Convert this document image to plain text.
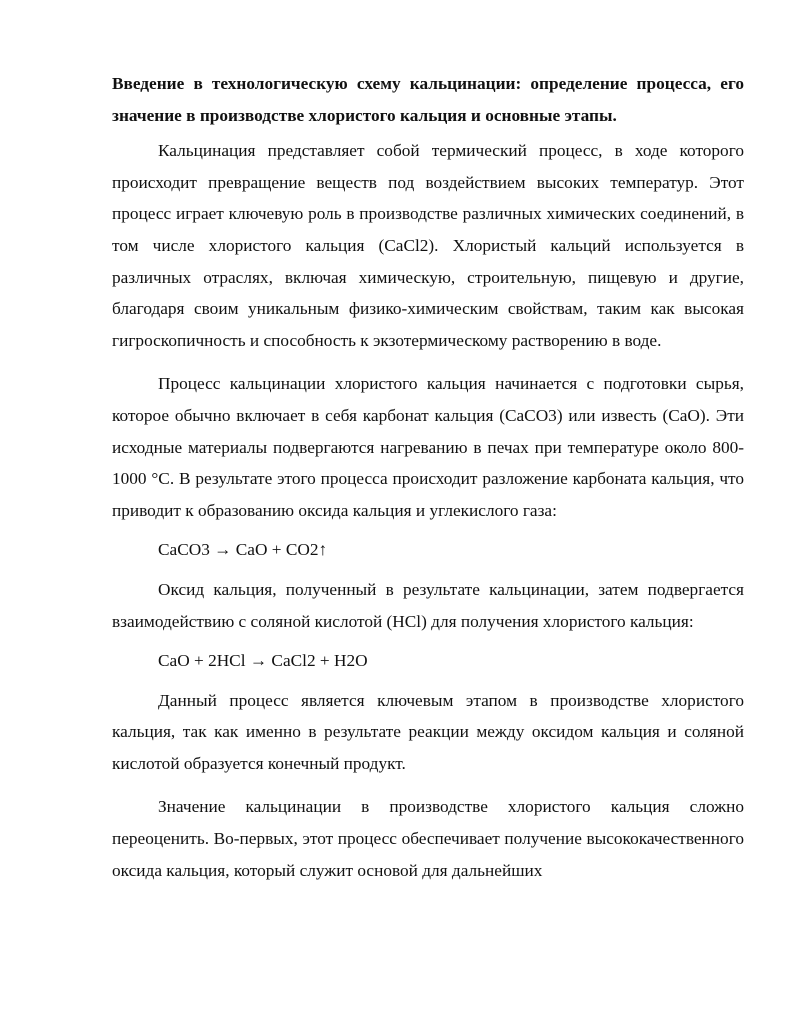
Введение в технологическую схему кальцинации: определение процесса, его значение в производстве хлористого кальция и основные этапы.

Кальцинация представляет собой термический процесс, в ходе которого происходит превращение веществ под воздействием высоких температур. Этот процесс играет ключевую роль в производстве различных химических соединений, в том числе хлористого кальция (CaCl2). Хлористый кальций используется в различных отраслях, включая химическую, строительную, пищевую и другие, благодаря своим уникальным физико-химическим свойствам, таким как высокая гигроскопичность и способность к экзотермическому растворению в воде.

Процесс кальцинации хлористого кальция начинается с подготовки сырья, которое обычно включает в себя карбонат кальция (CaCO3) или известь (CaO). Эти исходные материалы подвергаются нагреванию в печах при температуре около 800-1000 °С. В результате этого процесса происходит разложение карбоната кальция, что приводит к образованию оксида кальция и углекислого газа:

CaCO3 → CaO + CO2↑

Оксид кальция, полученный в результате кальцинации, затем подвергается взаимодействию с соляной кислотой (HCl) для получения хлористого кальция:

CaO + 2HCl → CaCl2 + H2O

Данный процесс является ключевым этапом в производстве хлористого кальция, так как именно в результате реакции между оксидом кальция и соляной кислотой образуется конечный продукт.

Значение кальцинации в производстве хлористого кальция сложно переоценить. Во-первых, этот процесс обеспечивает получение высококачественного оксида кальция, который служит основой для дальнейших
